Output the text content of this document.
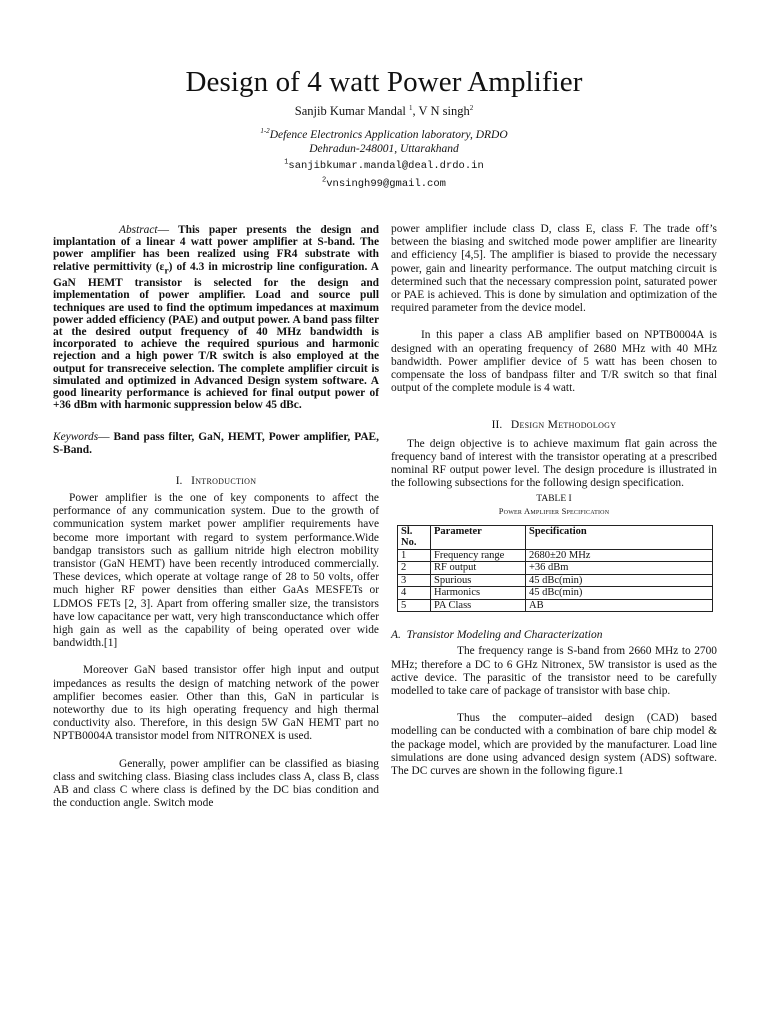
Design of 4 watt Power Amplifier
Sanjib Kumar Mandal $^1$, V N singh$^2$
$^{1-2}$Defence Electronics Application laboratory, DRDO
Dehradun-248001, Uttarakhand
$^1$sanjibkumar.mandal@deal.drdo.in
$^2$vnsingh99@gmail.com

Abstract— This paper presents the design and implantation of a linear 4 watt power amplifier at S-band. The power amplifier has been realized using FR4 substrate with relative permittivity $(\varepsilon_r)$ of 4.3 in microstrip line configuration. A GaN HEMT transistor is selected for the design and implementation of power amplifier. Load and source pull techniques are used to find the optimum impedances at maximum power added efficiency (PAE) and output power. A band pass filter at the desired output frequency of 40 MHz bandwidth is incorporated to achieve the required spurious and harmonic rejection and a high power T/R switch is also employed at the output for transreceive selection. The complete amplifier circuit is simulated and optimized in Advanced Design system software. A good linearity performance is achieved for final output power of +36 dBm with harmonic suppression below 45 dBc.

Keywords— Band pass filter, GaN, HEMT, Power amplifier, PAE, S-Band.

I. Introduction

Power amplifier is the one of key components to affect the performance of any communication system. Due to the growth of communication system market power amplifier requirements have become more important with regard to system performance.Wide bandgap transistors such as gallium nitride high electron mobility transistor (GaN HEMT) have been recently introduced commercially. These devices, which operate at voltage range of 28 to 50 volts, offer much higher RF power densities than either GaAs MESFETs or LDMOS FETs [2, 3]. Apart from offering smaller size, the transistors have low capacitance per watt, very high transconductance which offer high gain as well as the capability of being operated over wide bandwidth.[1]

Moreover GaN based transistor offer high input and output impedances as results the design of matching network of the power amplifier becomes easier. Other than this, GaN in particular is noteworthy due to its high operating frequency and high thermal conductivity also. Therefore, in this design 5W GaN HEMT part no NPTB0004A transistor model from NITRONEX is used.

Generally, power amplifier can be classified as biasing class and switching class. Biasing class includes class A, class B, class AB and class C where class is defined by the DC bias condition and the conduction angle. Switch mode

power amplifier include class D, class E, class F. The trade off’s between the biasing and switched mode power amplifier are linearity and efficiency [4,5]. The amplifier is biased to provide the necessary power, gain and linearity performance. The output matching circuit is determined such that the necessary compression point, saturated power or PAE is achieved. This is done by simulation and optimization of the required parameter from the device model.

In this paper a class AB amplifier based on NPTB0004A is designed with an operating frequency of 2680 MHz with 40 MHz bandwidth. Power amplifier device of 5 watt has been chosen to compensate the loss of bandpass filter and T/R switch so that final output of the complete module is 4 watt.

II. Design Methodology

The deign objective is to achieve maximum flat gain across the frequency band of interest with the transistor operating at a prescribed nominal RF output power level. The design procedure is illustrated in the following subsections for the following design specification.

TABLE I

Power Amplifier Specification

Sl. No.	Parameter	Specification
1	Frequency range	2680±20 MHz
2	RF output	+36 dBm
3	Spurious	45 dBc(min)
4	Harmonics	45 dBc(min)
5	PA Class	AB

A. Transistor Modeling and Characterization

The frequency range is S-band from 2660 MHz to 2700 MHz; therefore a DC to 6 GHz Nitronex, 5W transistor is used as the active device. The parasitic of the transistor need to be carefully modelled to take care of package of transistor with base chip.

Thus the computer–aided design (CAD) based modelling can be conducted with a combination of bare chip model & the package model, which are provided by the manufacturer. Load line simulations are done using advanced design system (ADS) software. The DC curves are shown in the following figure.1
